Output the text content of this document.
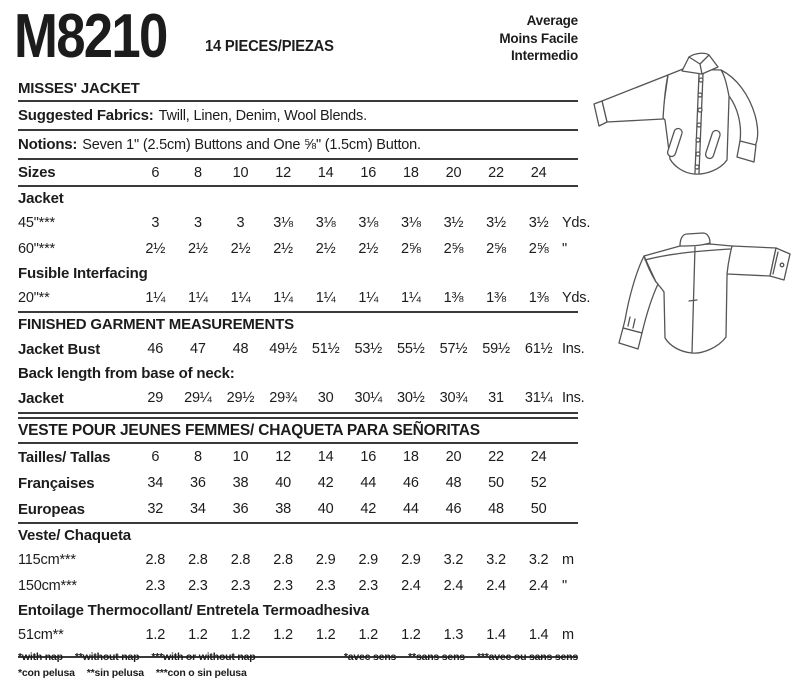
M8210 14 PIECES/PIEZAS
Average
Moins Facile
Intermedio
MISSES' JACKET
Suggested Fabrics: Twill, Linen, Denim, Wool Blends.
Notions: Seven 1" (2.5cm) Buttons and One ⅝" (1.5cm) Button.
Sizes	6	8	10	12	14	16	18	20	22	24
Jacket
45"***	3	3	3	3⅛	3⅛	3⅛	3⅛	3½	3½	3½ Yds.
60"***	2½	2½	2½	2½	2½	2½	2⅝	2⅝	2⅝	2⅝ "
Fusible Interfacing
20"**	1¼	1¼	1¼	1¼	1¼	1¼	1¼	1⅜	1⅜	1⅜ Yds.
FINISHED GARMENT MEASUREMENTS
Jacket Bust	46	47	48	49½	51½	53½	55½	57½	59½	61½ Ins.
Back length from base of neck:
Jacket	29	29¼	29½	29¾	30	30¼	30½	30¾	31	31¼ Ins.
VESTE POUR JEUNES FEMMES/ CHAQUETA PARA SEÑORITAS
Tailles/ Tallas	6	8	10	12	14	16	18	20	22	24
Françaises	34	36	38	40	42	44	46	48	50	52
Europeas	32	34	36	38	40	42	44	46	48	50
Veste/ Chaqueta
115cm***	2.8	2.8	2.8	2.8	2.9	2.9	2.9	3.2	3.2	3.2 m
150cm***	2.3	2.3	2.3	2.3	2.3	2.3	2.4	2.4	2.4	2.4 "
Entoilage Thermocollant/ Entretela Termoadhesiva
51cm**	1.2	1.2	1.2	1.2	1.2	1.2	1.2	1.3	1.4	1.4 m
*with nap **without nap ***with or without nap
*con pelusa **sin pelusa ***con o sin pelusa
*avec sens **sans sens ***avec ou sans sens
